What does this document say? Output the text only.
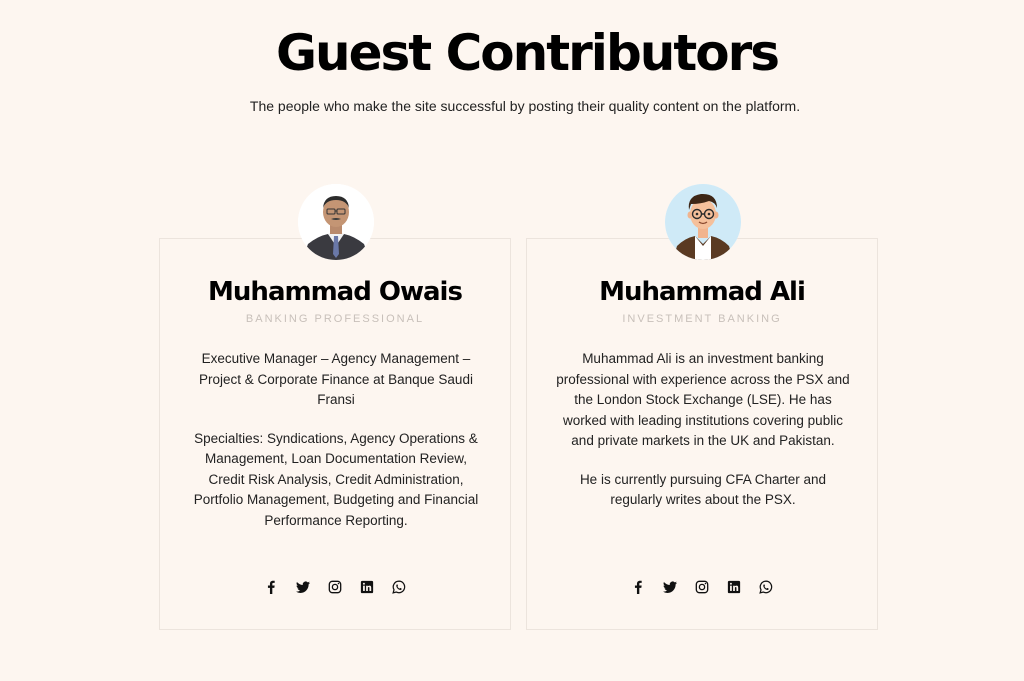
Guest Contributors

The people who make the site successful by posting their quality content on the platform.

Muhammad Owais

BANKING PROFESSIONAL

Executive Manager – Agency Management – Project & Corporate Finance at Banque Saudi Fransi

Specialties: Syndications, Agency Operations & Management, Loan Documentation Review, Credit Risk Analysis, Credit Administration, Portfolio Management, Budgeting and Financial Performance Reporting.

Muhammad Ali

INVESTMENT BANKING

Muhammad Ali is an investment banking professional with experience across the PSX and the London Stock Exchange (LSE). He has worked with leading institutions covering public and private markets in the UK and Pakistan.

He is currently pursuing CFA Charter and regularly writes about the PSX.
